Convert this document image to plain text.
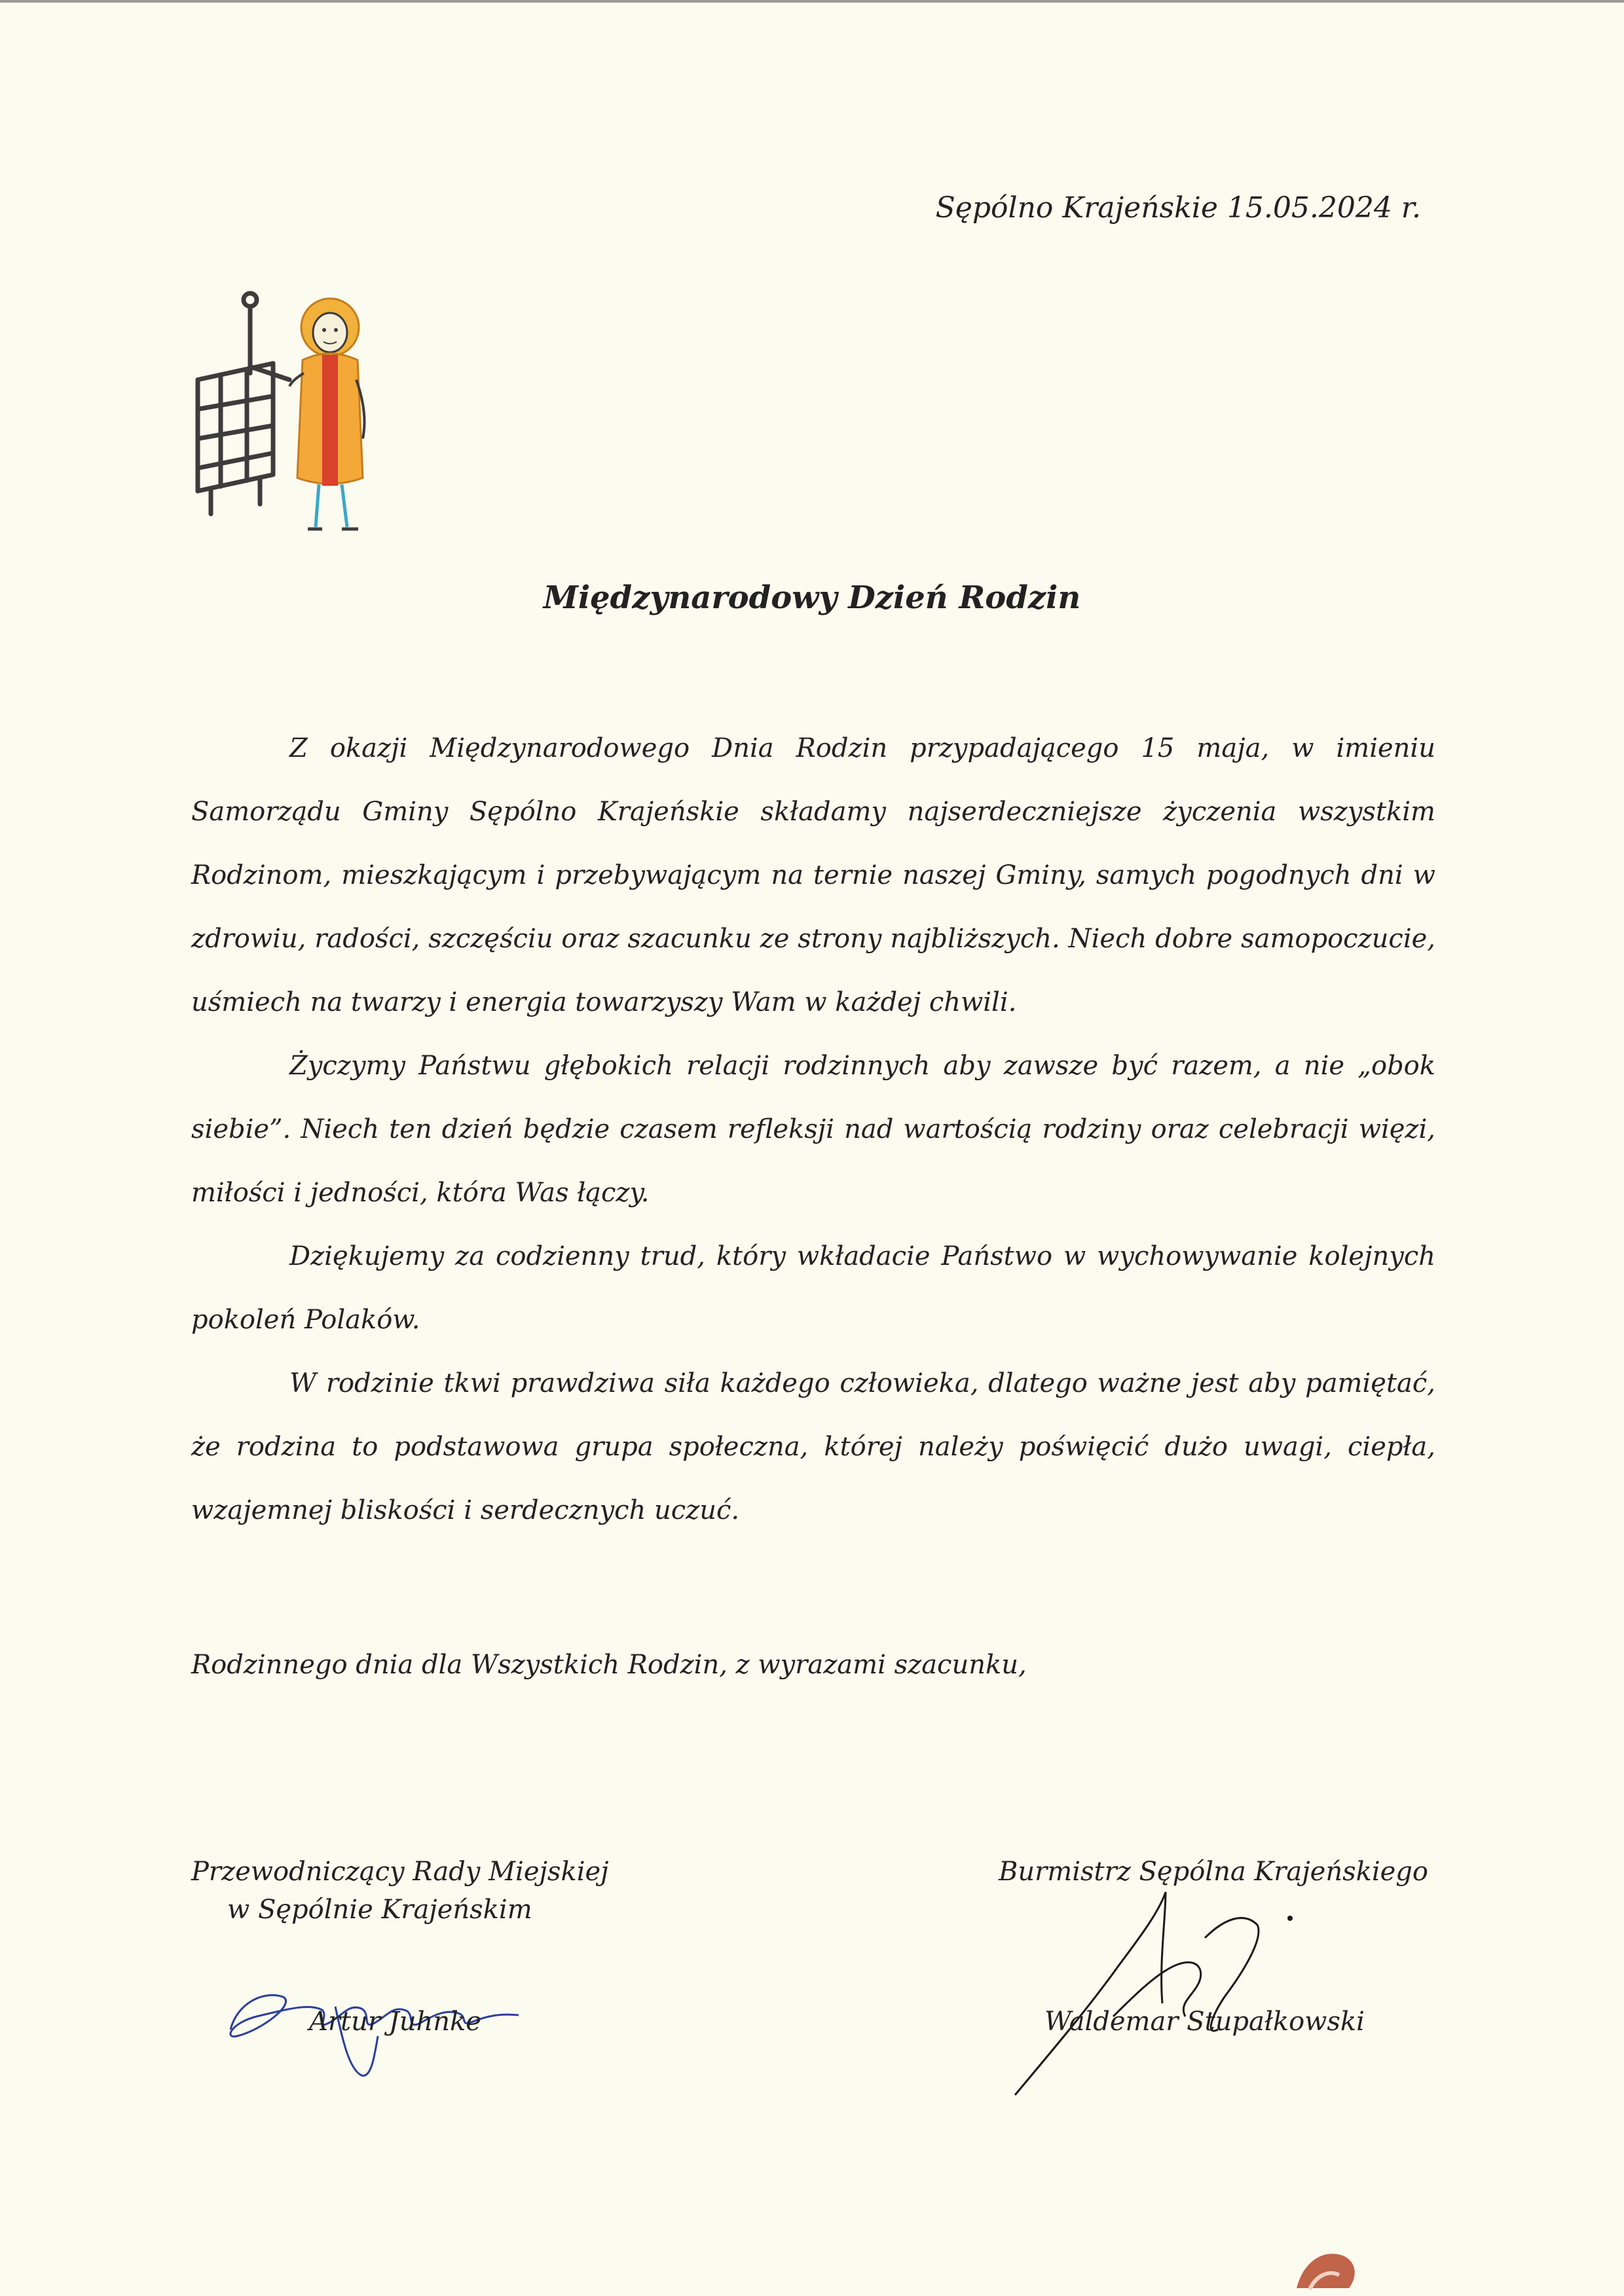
Sępólno Krajeńskie 15.05.2024 r.
Międzynarodowy Dzień Rodzin

Z okazji Międzynarodowego Dnia Rodzin przypadającego 15 maja, w imieniu Samorządu Gminy Sępólno Krajeńskie składamy najserdeczniejsze życzenia wszystkim Rodzinom, mieszkającym i przebywającym na ternie naszej Gminy, samych pogodnych dni w zdrowiu, radości, szczęściu oraz szacunku ze strony najbliższych. Niech dobre samopoczucie, uśmiech na twarzy i energia towarzyszy Wam w każdej chwili.

Życzymy Państwu głębokich relacji rodzinnych aby zawsze być razem, a nie „obok siebie”. Niech ten dzień będzie czasem refleksji nad wartością rodziny oraz celebracji więzi, miłości i jedności, która Was łączy.

Dziękujemy za codzienny trud, który wkładacie Państwo w wychowywanie kolejnych pokoleń Polaków.

W rodzinie tkwi prawdziwa siła każdego człowieka, dlatego ważne jest aby pamiętać, że rodzina to podstawowa grupa społeczna, której należy poświęcić dużo uwagi, ciepła, wzajemnej bliskości i serdecznych uczuć.

Rodzinnego dnia dla Wszystkich Rodzin, z wyrazami szacunku,
Przewodniczący Rady Miejskiej
w Sępólnie Krajeńskim
Artur Juhnke
Burmistrz Sępólna Krajeńskiego
Waldemar Stupałkowski
